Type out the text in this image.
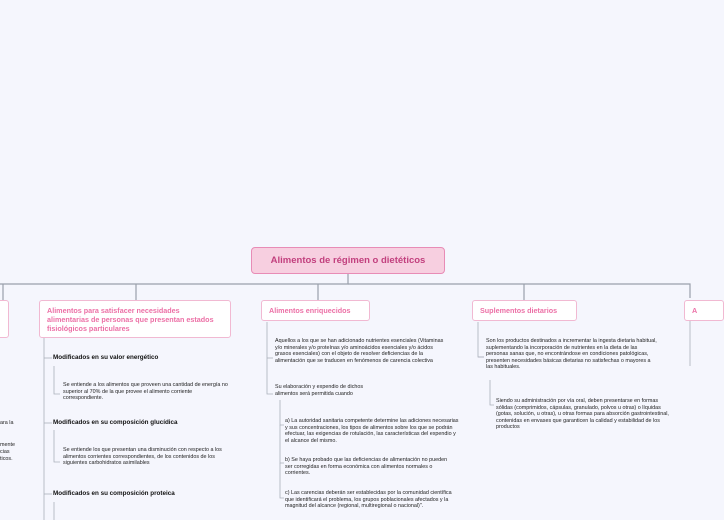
Alimentos de régimen o dietéticos
ara la
mente
cias
ticos.
Alimentos para satisfacer necesidades alimentarias de personas que presentan estados fisiológicos particulares
Modificados en su valor energético
Se entiende a los alimentos que proveen una cantidad de energía no superior al 70% de la que provee el alimento corriente correspondiente.
Modificados en su composición glucídica
Se entiende los que presentan una disminución con respecto a los alimentos corrientes correspondientes, de los contenidos de los siguientes carbohidratos asimilables
Modificados en su composición proteica
Alimentos enriquecidos
Aquellos a los que se han adicionado nutrientes esenciales (Vitaminas y/o minerales y/o proteínas y/o aminoácidos esenciales y/o ácidos grasos esenciales) con el objeto de resolver deficiencias de la alimentación que se traducen en fenómenos de carencia colectiva
Su elaboración y expendio de dichos alimentos será permitida cuando
a) La autoridad sanitaria competente determine las adiciones necesarias y sus concentraciones, los tipos de alimentos sobre los que se podrán efectuar, las exigencias de rotulación, las características del expendio y el alcance del mismo.
b) Se haya probado que las deficiencias de alimentación no pueden ser corregidas en forma económica con alimentos normales o corrientes.
c) Las carencias deberán ser establecidas por la comunidad científica que identificará el problema, los grupos poblacionales afectados y la magnitud del alcance (regional, multiregional o nacional)".
Suplementos dietarios
Son los productos destinados a incrementar la ingesta dietaria habitual, suplementando la incorporación de nutrientes en la dieta de las personas sanas que, no encontrándose en condiciones patológicas, presenten necesidades básicas dietarias no satisfechas o mayores a las habituales.
Siendo su administración por vía oral, deben presentarse en formas sólidas (comprimidos, cápsulas, granulado, polvos u otras) o líquidas (gotas, solución, u otras), u otras formas para absorción gastrointestinal, contenidas en envases que garanticen la calidad y estabilidad de los productos
A
